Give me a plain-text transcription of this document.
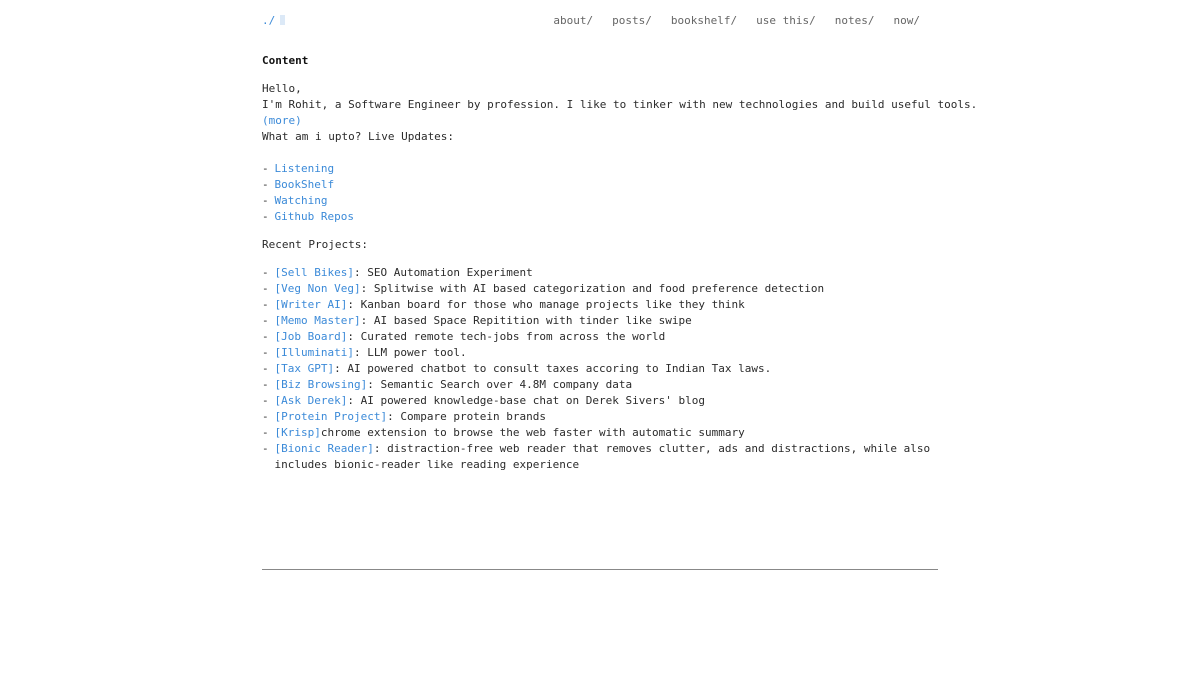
./	about/ posts/ bookshelf/ use this/ notes/ now/
Content
Hello,
I'm Rohit, a Software Engineer by profession. I like to tinker with new technologies and build useful tools.
(more)
What am i upto? Live Updates:
- Listening
- BookShelf
- Watching
- Github Repos
Recent Projects:
- [Sell Bikes]: SEO Automation Experiment
- [Veg Non Veg]: Splitwise with AI based categorization and food preference detection
- [Writer AI]: Kanban board for those who manage projects like they think
- [Memo Master]: AI based Space Repitition with tinder like swipe
- [Job Board]: Curated remote tech-jobs from across the world
- [Illuminati]: LLM power tool.
- [Tax GPT]: AI powered chatbot to consult taxes accoring to Indian Tax laws.
- [Biz Browsing]: Semantic Search over 4.8M company data
- [Ask Derek]: AI powered knowledge-base chat on Derek Sivers' blog
- [Protein Project]: Compare protein brands
- [Krisp]chrome extension to browse the web faster with automatic summary
- [Bionic Reader]: distraction-free web reader that removes clutter, ads and distractions, while also includes bionic-reader like reading experience
